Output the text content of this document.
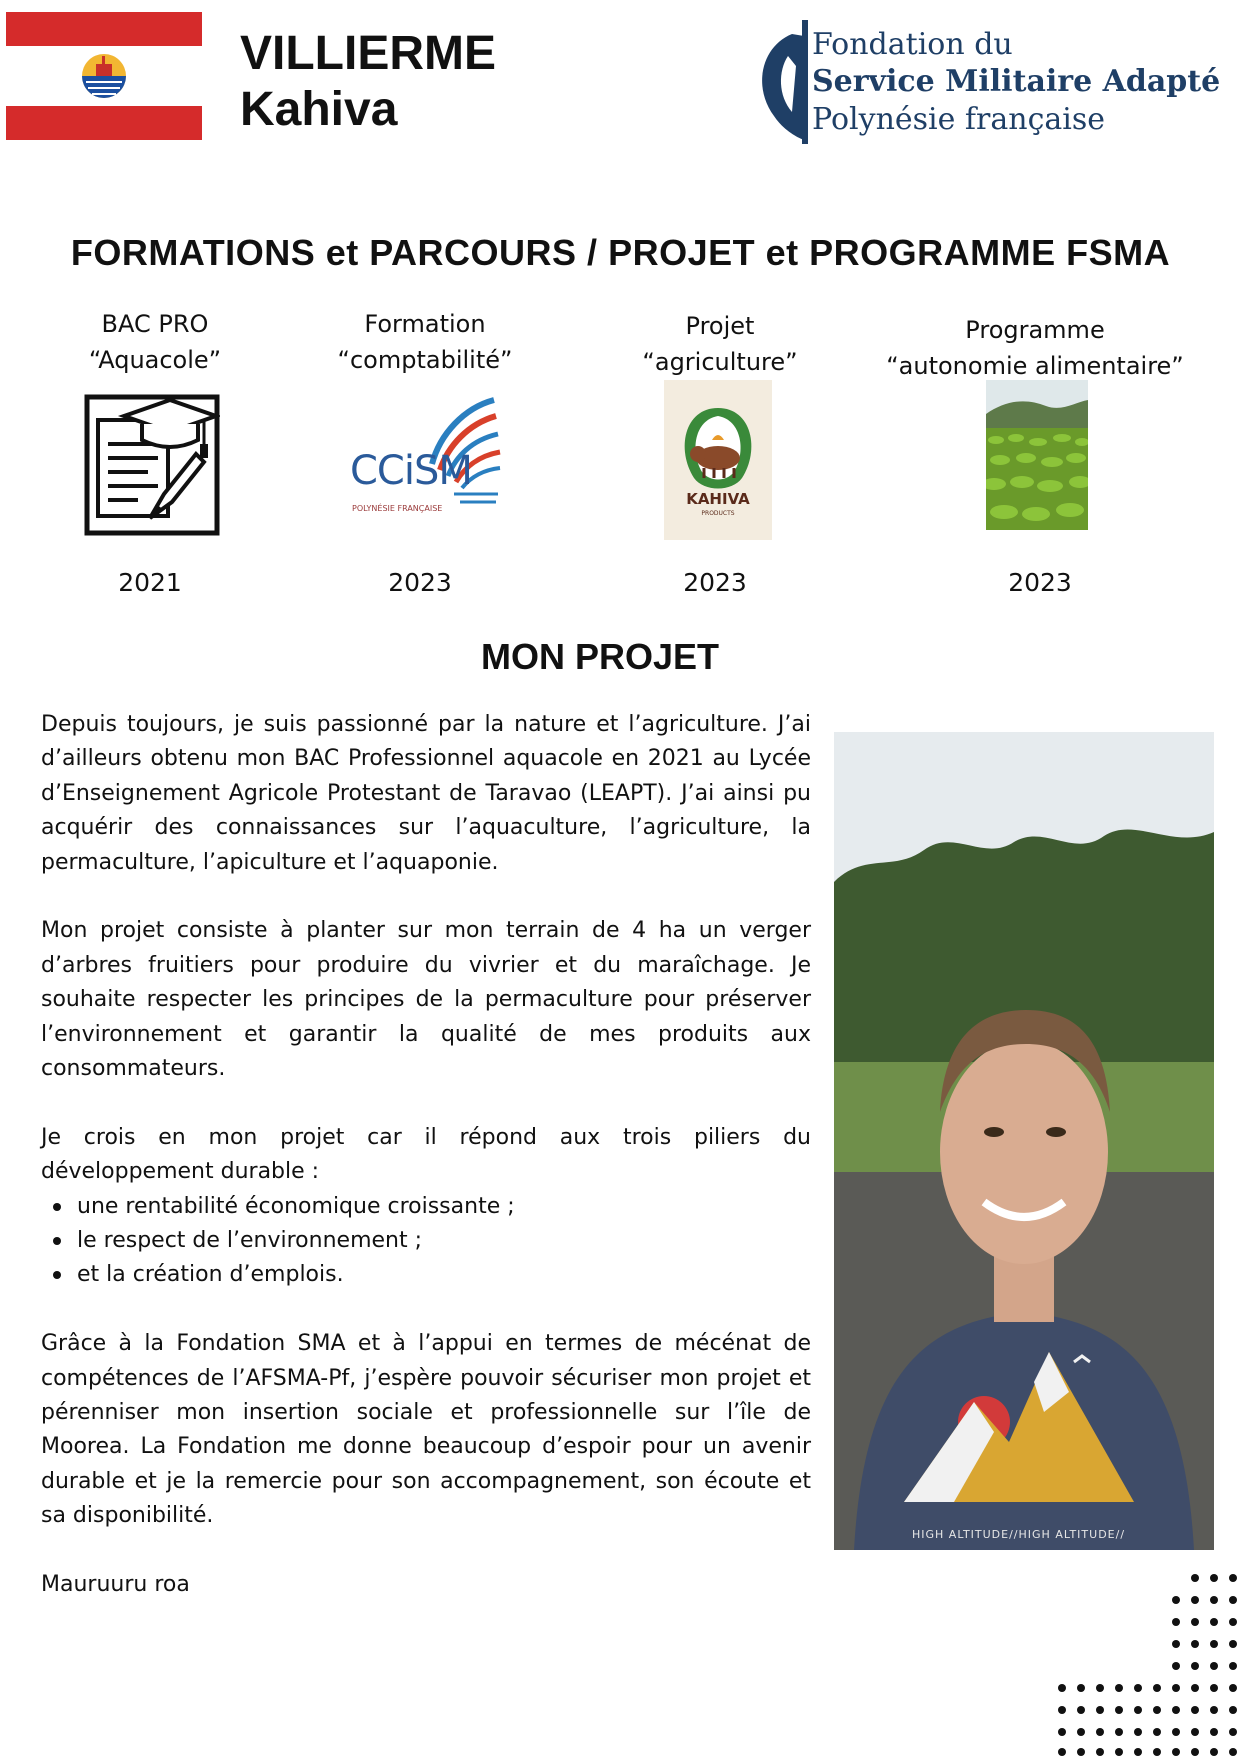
VILLIERME
Kahiva
Fondation du
Service Militaire Adapté
Polynésie française
FORMATIONS et PARCOURS / PROJET et PROGRAMME FSMA
BAC PRO
“Aquacole”
2021
Formation
“comptabilité”
CCiSM
POLYNÉSIE FRANÇAISE
2023
Projet
“agriculture”
KAHIVA
PRODUCTS
2023
Programme
“autonomie alimentaire”
2023
MON PROJET

Depuis toujours, je suis passionné par la nature et l’agriculture. J’ai d’ailleurs obtenu mon BAC Professionnel aquacole en 2021 au Lycée d’Enseignement Agricole Protestant de Taravao (LEAPT). J’ai ainsi pu acquérir des connaissances sur l’aquaculture, l’agriculture, la permaculture, l’apiculture et l’aquaponie.

Mon projet consiste à planter sur mon terrain de 4 ha un verger d’arbres fruitiers pour produire du vivrier et du maraîchage. Je souhaite respecter les principes de la permaculture pour préserver l’environnement et garantir la qualité de mes produits aux consommateurs.

Je crois en mon projet car il répond aux trois piliers du développement durable :

une rentabilité économique croissante ;
le respect de l’environnement ;
et la création d’emplois.

Grâce à la Fondation SMA et à l’appui en termes de mécénat de compétences de l’AFSMA-Pf, j’espère pouvoir sécuriser mon projet et pérenniser mon insertion sociale et professionnelle sur l’île de Moorea. La Fondation me donne beaucoup d’espoir pour un avenir durable et je la remercie pour son accompagnement, son écoute et sa disponibilité.

Mauruuru roa

HIGH ALTITUDE//HIGH ALTITUDE//
